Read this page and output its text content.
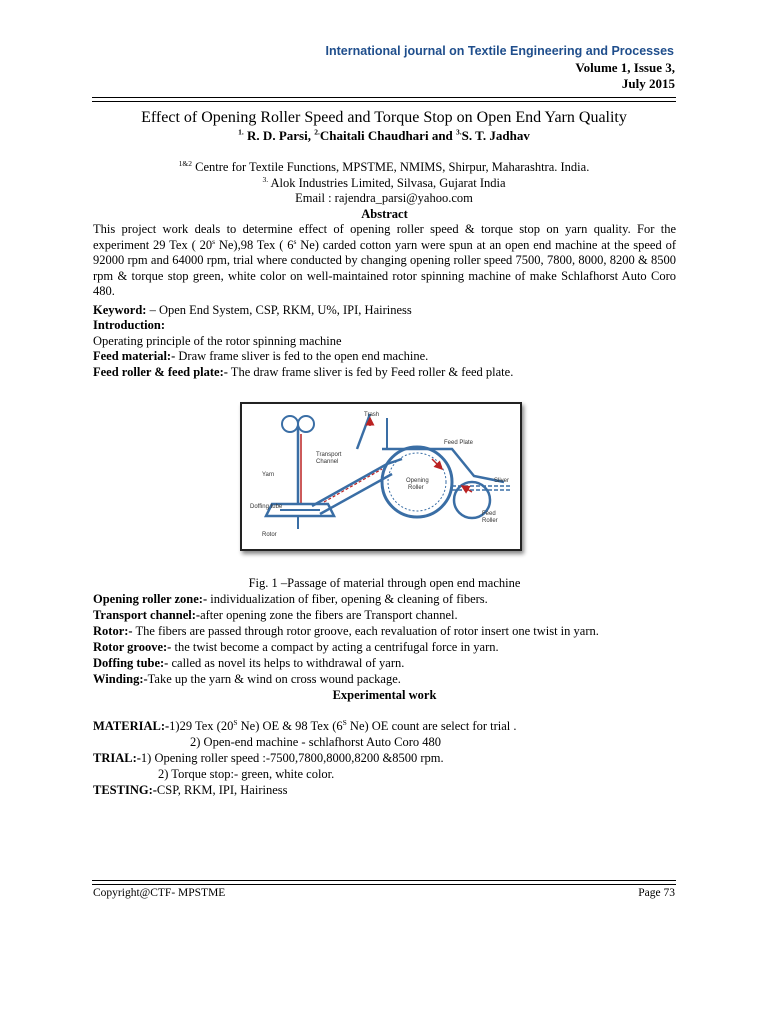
International journal on Textile Engineering and Processes
Volume 1, Issue 3,
July 2015
Effect of Opening Roller Speed and Torque Stop on Open End Yarn Quality
$^{1.}$ R. D. Parsi, $^{2.}$Chaitali Chaudhari and $^{3.}$S. T. Jadhav
$^{1\&2}$ Centre for Textile Functions, MPSTME, NMIMS, Shirpur, Maharashtra. India.
$^{3.}$ Alok Industries Limited, Silvasa, Gujarat India
Email : rajendra_parsi@yahoo.com
Abstract
This project work deals to determine effect of opening roller speed & torque stop on yarn quality. For the experiment 29 Tex ( 20$^s$ Ne),98 Tex ( 6$^s$ Ne) carded cotton yarn were spun at an open end machine at the speed of 92000 rpm and 64000 rpm, trial where conducted by changing opening roller speed 7500, 7800, 8000, 8200 & 8500 rpm & torque stop green, white color on well-maintained rotor spinning machine of make Schlafhorst Auto Coro 480.
Keyword: – Open End System, CSP, RKM, U%, IPI, Hairiness
Introduction:
Operating principle of the rotor spinning machine
Feed material:- Draw frame sliver is fed to the open end machine.
Feed roller & feed plate:- The draw frame sliver is fed by Feed roller & feed plate.
Trash
Transport
Channel
Feed Plate
Yarn
Opening
Roller
Sliver
Doffing tube
Feed
Roller
Rotor
Fig. 1 –Passage of material through open end machine
Opening roller zone:- individualization of fiber, opening & cleaning of fibers.
Transport channel:-after opening zone the fibers are Transport channel.
Rotor:- The fibers are passed through rotor groove, each revaluation of rotor insert one twist in yarn.
Rotor groove:- the twist become a compact by acting a centrifugal force in yarn.
Doffing tube:- called as novel its helps to withdrawal of yarn.
Winding:-Take up the yarn & wind on cross wound package.
Experimental work
MATERIAL:-1)29 Tex ($20^S$ Ne) OE & 98 Tex ($6^S$ Ne) OE count are select for trial .
2) Open-end machine - schlafhorst Auto Coro 480
TRIAL:-1) Opening roller speed :-7500,7800,8000,8200 &8500 rpm.
2) Torque stop:- green, white color.
TESTING:-CSP, RKM, IPI, Hairiness
Copyright@CTF- MPSTME	Page 73
